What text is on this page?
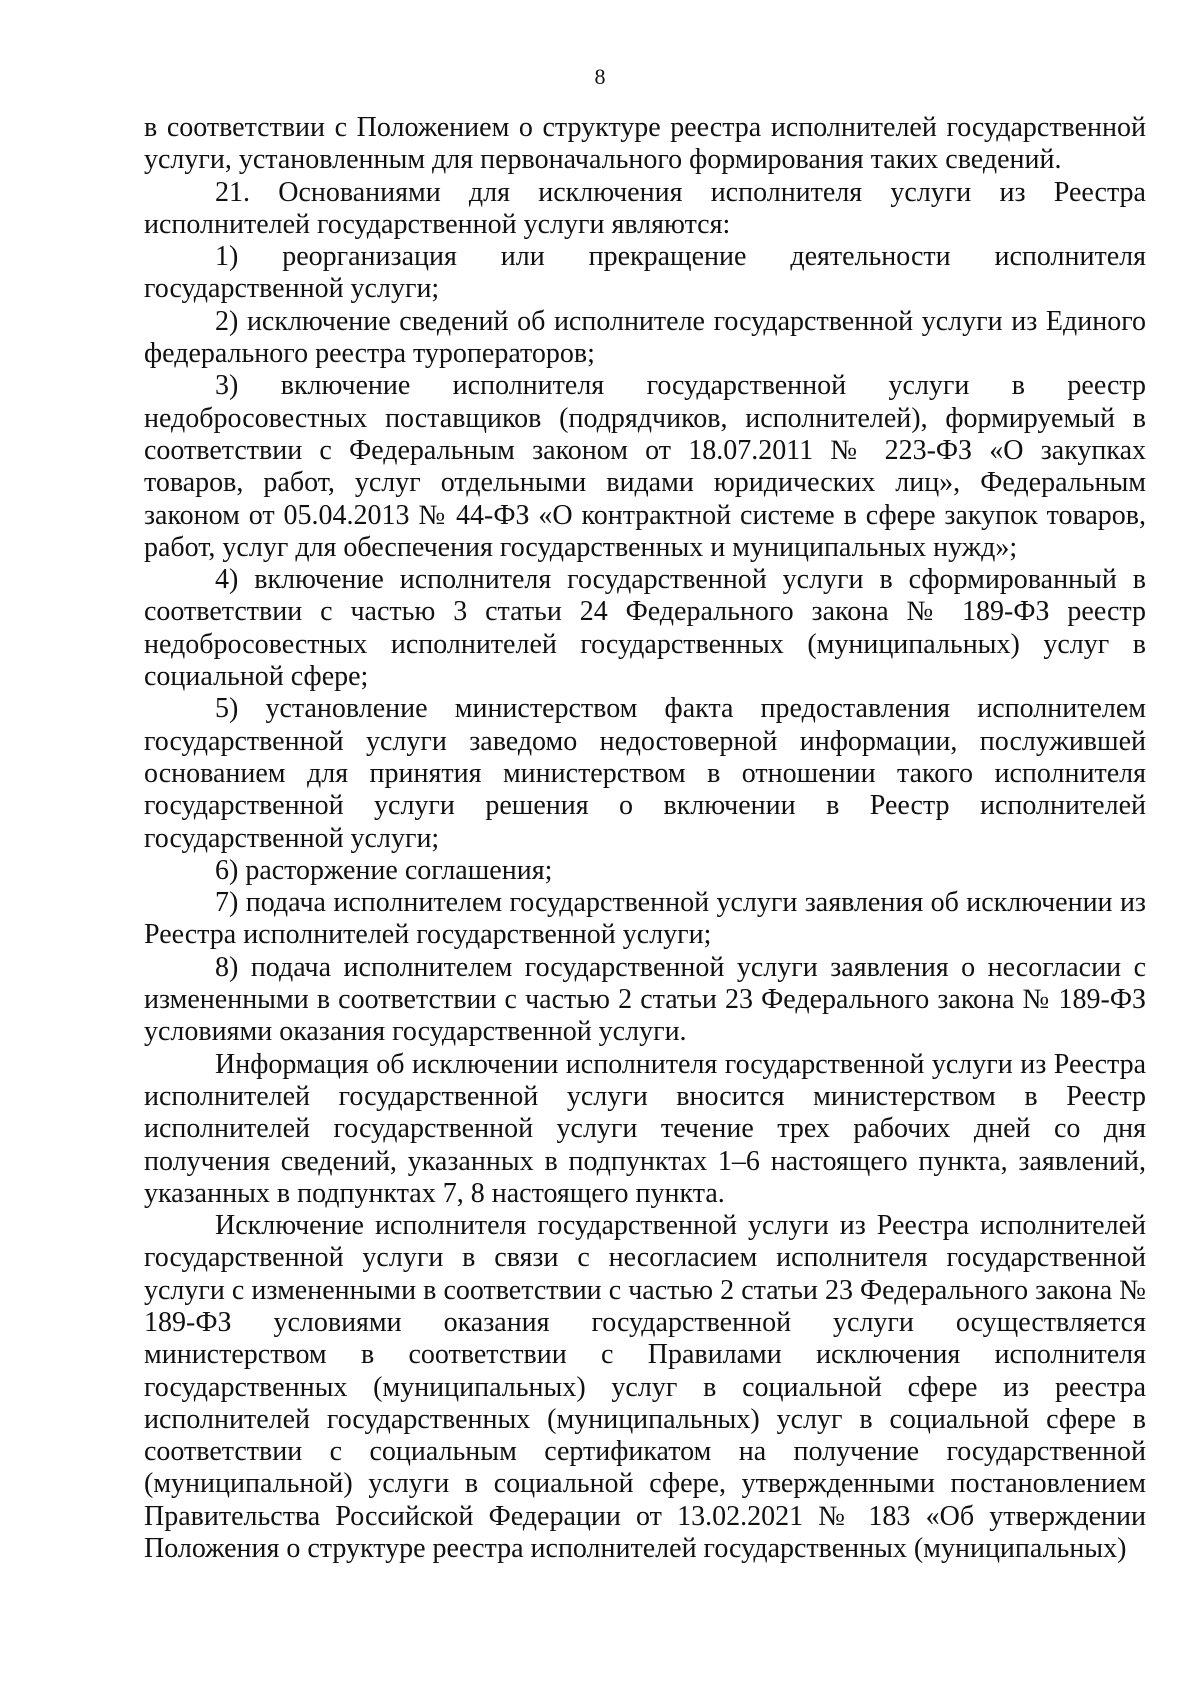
8

в соответствии с Положением о структуре реестра исполнителей государственной услуги, установленным для первоначального формирования таких сведений.

21. Основаниями для исключения исполнителя услуги из Реестра исполнителей государственной услуги являются:

1) реорганизация или прекращение деятельности исполнителя государственной услуги;

2) исключение сведений об исполнителе государственной услуги из Единого федерального реестра туроператоров;

3) включение исполнителя государственной услуги в реестр недобросовестных поставщиков (подрядчиков, исполнителей), формируемый в соответствии с Федеральным законом от 18.07.2011 № 223-ФЗ «О закупках товаров, работ, услуг отдельными видами юридических лиц», Федеральным законом от 05.04.2013 № 44-ФЗ «О контрактной системе в сфере закупок товаров, работ, услуг для обеспечения государственных и муниципальных нужд»;

4) включение исполнителя государственной услуги в сформированный в соответствии с частью 3 статьи 24 Федерального закона № 189-ФЗ реестр недобросовестных исполнителей государственных (муниципальных) услуг в социальной сфере;

5) установление министерством факта предоставления исполнителем государственной услуги заведомо недостоверной информации, послужившей основанием для принятия министерством в отношении такого исполнителя государственной услуги решения о включении в Реестр исполнителей государственной услуги;

6) расторжение соглашения;

7) подача исполнителем государственной услуги заявления об исключении из Реестра исполнителей государственной услуги;

8) подача исполнителем государственной услуги заявления о несогласии с измененными в соответствии с частью 2 статьи 23 Федерального закона № 189-ФЗ условиями оказания государственной услуги.

Информация об исключении исполнителя государственной услуги из Реестра исполнителей государственной услуги вносится министерством в Реестр исполнителей государственной услуги течение трех рабочих дней со дня получения сведений, указанных в подпунктах 1–6 настоящего пункта, заявлений, указанных в подпунктах 7, 8 настоящего пункта.

Исключение исполнителя государственной услуги из Реестра исполнителей государственной услуги в связи с несогласием исполнителя государственной услуги с измененными в соответствии с частью 2 статьи 23 Федерального закона № 189-ФЗ условиями оказания государственной услуги осуществляется министерством в соответствии с Правилами исключения исполнителя государственных (муниципальных) услуг в социальной сфере из реестра исполнителей государственных (муниципальных) услуг в социальной сфере в соответствии с социальным сертификатом на получение государственной (муниципальной) услуги в социальной сфере, утвержденными постановлением Правительства Российской Федерации от 13.02.2021 № 183 «Об утверждении Положения о структуре реестра исполнителей государственных (муниципальных)
